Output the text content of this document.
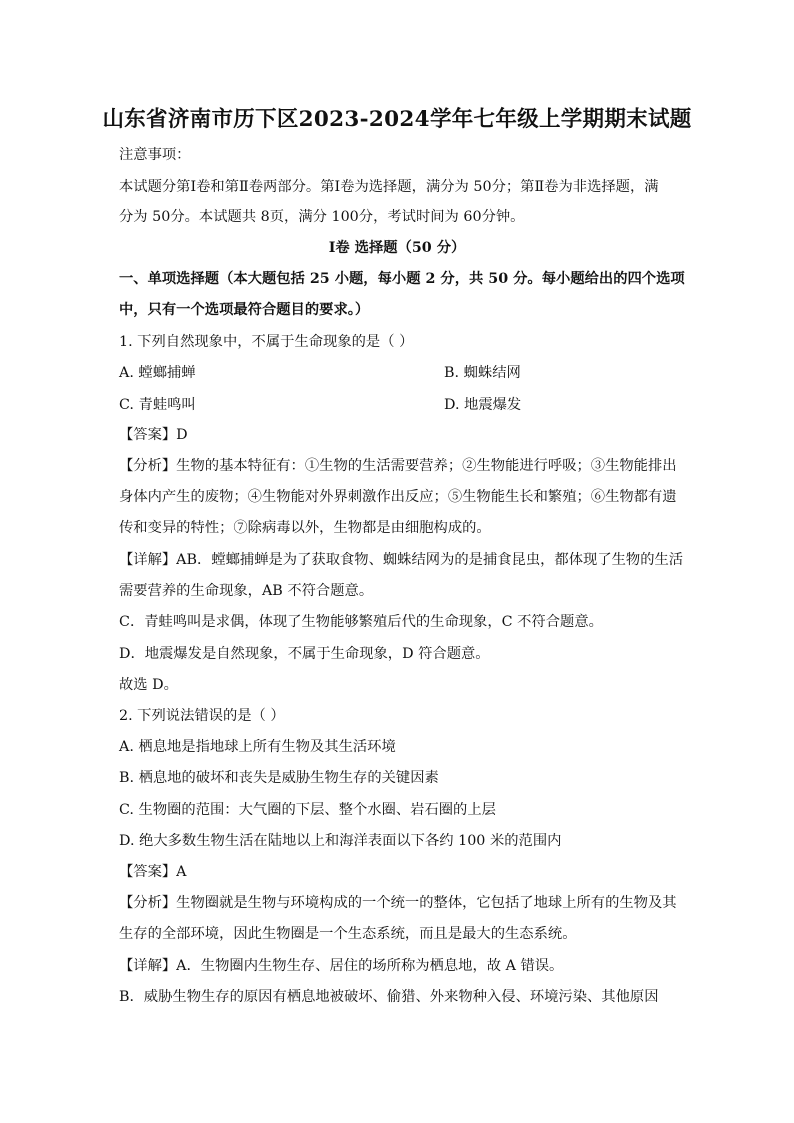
山东省济南市历下区2023-2024学年七年级上学期期末试题
注意事项：
本试题分第Ⅰ卷和第Ⅱ卷两部分。第Ⅰ卷为选择题，满分为 50分；第Ⅱ卷为非选择题，满
分为 50分。本试题共 8页，满分 100分，考试时间为 60分钟。
Ⅰ卷 选择题（50 分）
一、单项选择题（本大题包括 25 小题，每小题 2 分，共 50 分。每小题给出的四个选项
中，只有一个选项最符合题目的要求。）
1. 下列自然现象中，不属于生命现象的是（ ）
A. 螳螂捕蝉	B. 蜘蛛结网
C. 青蛙鸣叫	D. 地震爆发
【答案】D
【分析】生物的基本特征有：①生物的生活需要营养；②生物能进行呼吸；③生物能排出
身体内产生的废物；④生物能对外界刺激作出反应；⑤生物能生长和繁殖；⑥生物都有遗
传和变异的特性；⑦除病毒以外，生物都是由细胞构成的。
【详解】AB．螳螂捕蝉是为了获取食物、蜘蛛结网为的是捕食昆虫，都体现了生物的生活
需要营养的生命现象，AB 不符合题意。
C．青蛙鸣叫是求偶，体现了生物能够繁殖后代的生命现象，C 不符合题意。
D．地震爆发是自然现象，不属于生命现象，D 符合题意。
故选 D。
2. 下列说法错误的是（ ）
A. 栖息地是指地球上所有生物及其生活环境
B. 栖息地的破坏和丧失是威胁生物生存的关键因素
C. 生物圈的范围：大气圈的下层、整个水圈、岩石圈的上层
D. 绝大多数生物生活在陆地以上和海洋表面以下各约 100 米的范围内
【答案】A
【分析】生物圈就是生物与环境构成的一个统一的整体，它包括了地球上所有的生物及其
生存的全部环境，因此生物圈是一个生态系统，而且是最大的生态系统。
【详解】A．生物圈内生物生存、居住的场所称为栖息地，故 A 错误。
B．威胁生物生存的原因有栖息地被破坏、偷猎、外来物种入侵、环境污染、其他原因
